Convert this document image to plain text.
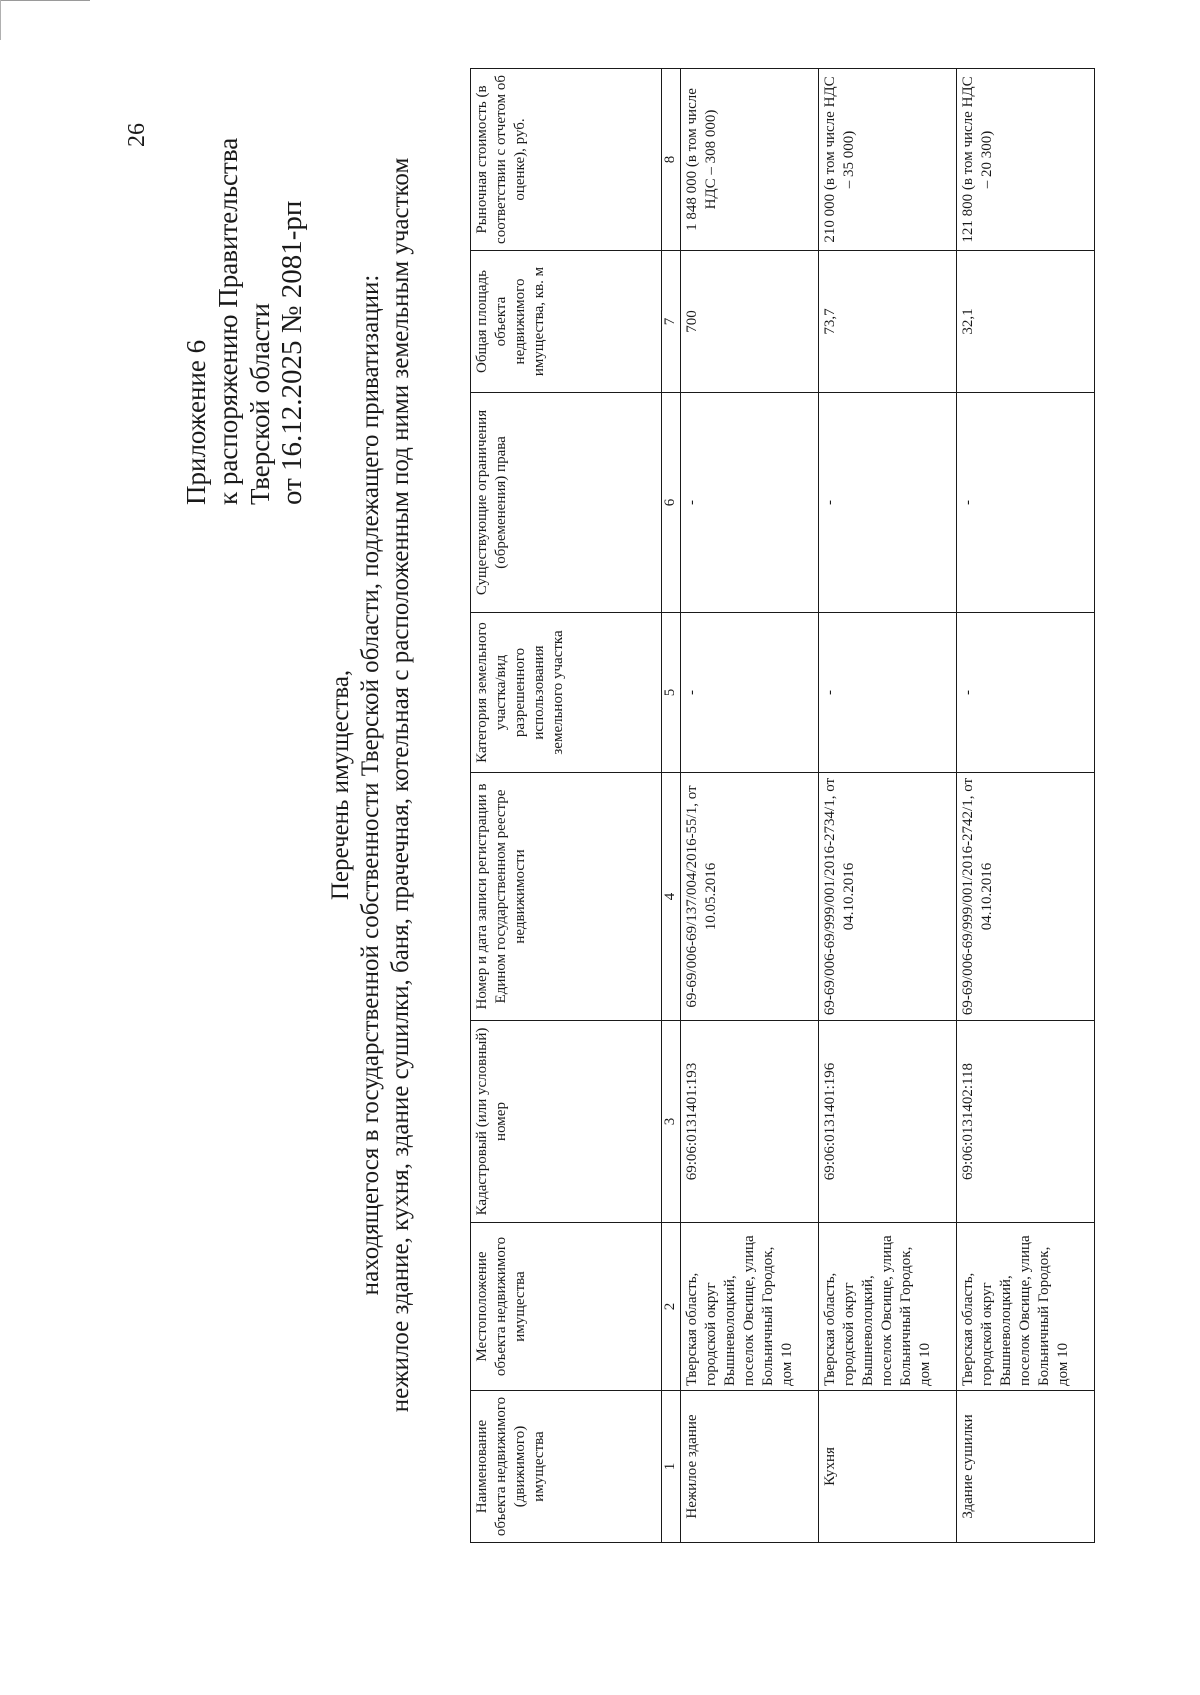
26
Приложение 6 к распоряжению Правительства Тверской области от 16.12.2025 № 2081-рп
Перечень имущества, находящегося в государственной собственности Тверской области, подлежащего приватизации: нежилое здание, кухня, здание сушилки, баня, прачечная, котельная с расположенным под ними земельным участком
Наименование объекта недвижимого (движимого) имущества	Местоположение объекта недвижимого имущества	Кадастровый (или условный) номер	Номер и дата записи регистрации в Едином государственном реестре недвижимости	Категория земельного участка/вид разрешенного использования земельного участка	Существующие ограничения (обременения) права	Общая площадь объекта недвижимого имущества, кв. м	Рыночная стоимость (в соответствии с отчетом об оценке), руб.
1	2	3	4	5	6	7	8
Нежилое здание	Тверская область, городской округ Вышневолоцкий, поселок Овсище, улица Больничный Городок, дом 10	69:06:0131401:193	69-69/006-69/137/004/2016-55/1, от 10.05.2016	-	-	700	1 848 000 (в том числе НДС – 308 000)
Кухня	Тверская область, городской округ Вышневолоцкий, поселок Овсище, улица Больничный Городок, дом 10	69:06:0131401:196	69-69/006-69/999/001/2016-2734/1, от 04.10.2016	-	-	73,7	210 000 (в том числе НДС – 35 000)
Здание сушилки	Тверская область, городской округ Вышневолоцкий, поселок Овсище, улица Больничный Городок, дом 10	69:06:0131402:118	69-69/006-69/999/001/2016-2742/1, от 04.10.2016	-	-	32,1	121 800 (в том числе НДС – 20 300)
